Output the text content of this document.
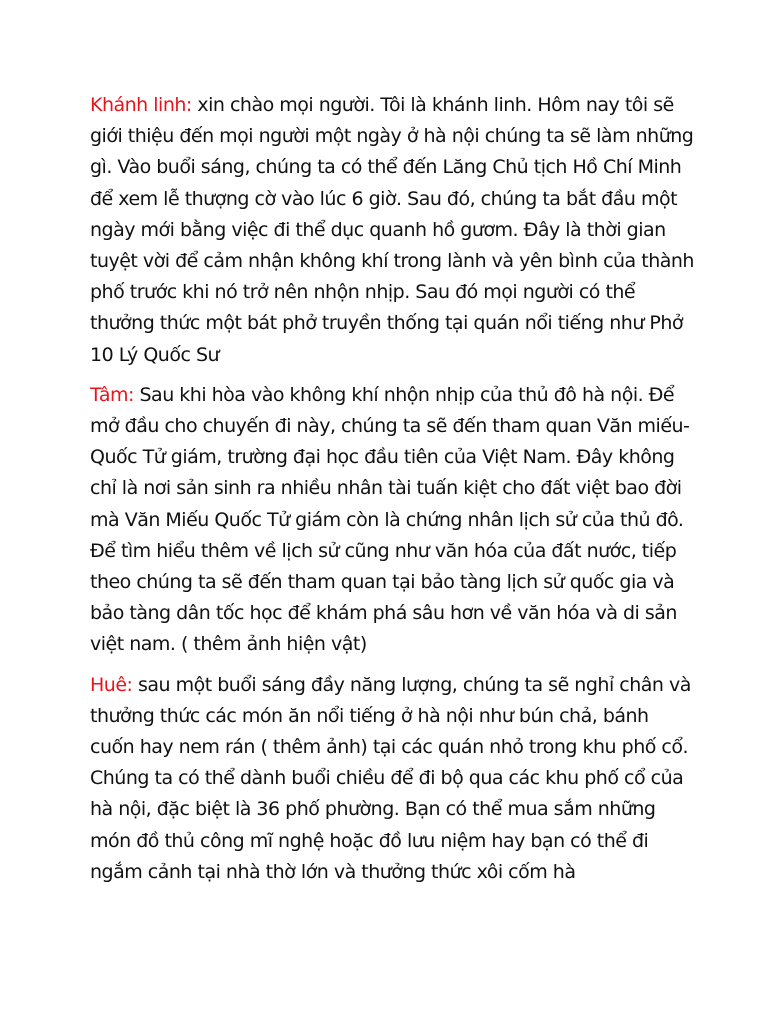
Khánh linh: xin chào mọi người. Tôi là khánh linh. Hôm nay tôi sẽ giới thiệu đến mọi người một ngày ở hà nội chúng ta sẽ làm những gì. Vào buổi sáng, chúng ta có thể đến Lăng Chủ tịch Hồ Chí Minh để xem lễ thượng cờ vào lúc 6 giờ. Sau đó, chúng ta bắt đầu một ngày mới bằng việc đi thể dục quanh hồ gươm. Đây là thời gian tuyệt vời để cảm nhận không khí trong lành và yên bình của thành phố trước khi nó trở nên nhộn nhịp. Sau đó mọi người có thể thưởng thức một bát phở truyền thống tại quán nổi tiếng như Phở 10 Lý Quốc Sư

Tâm: Sau khi hòa vào không khí nhộn nhịp của thủ đô hà nội. Để mở đầu cho chuyến đi này, chúng ta sẽ đến tham quan Văn miếu- Quốc Tử giám, trường đại học đầu tiên của Việt Nam. Đây không chỉ là nơi sản sinh ra nhiều nhân tài tuấn kiệt cho đất việt bao đời mà Văn Miếu Quốc Tử giám còn là chứng nhân lịch sử của thủ đô. Để tìm hiểu thêm về lịch sử cũng như văn hóa của đất nước, tiếp theo chúng ta sẽ đến tham quan tại bảo tàng lịch sử quốc gia và bảo tàng dân tốc học để khám phá sâu hơn về văn hóa và di sản việt nam. ( thêm ảnh hiện vật)

Huê: sau một buổi sáng đầy năng lượng, chúng ta sẽ nghỉ chân và thưởng thức các món ăn nổi tiếng ở hà nội như bún chả, bánh cuốn hay nem rán ( thêm ảnh) tại các quán nhỏ trong khu phố cổ. Chúng ta có thể dành buổi chiều để đi bộ qua các khu phố cổ của hà nội, đặc biệt là 36 phố phường. Bạn có thể mua sắm những món đồ thủ công mĩ nghệ hoặc đồ lưu niệm hay bạn có thể đi ngắm cảnh tại nhà thờ lớn và thưởng thức xôi cốm hà
